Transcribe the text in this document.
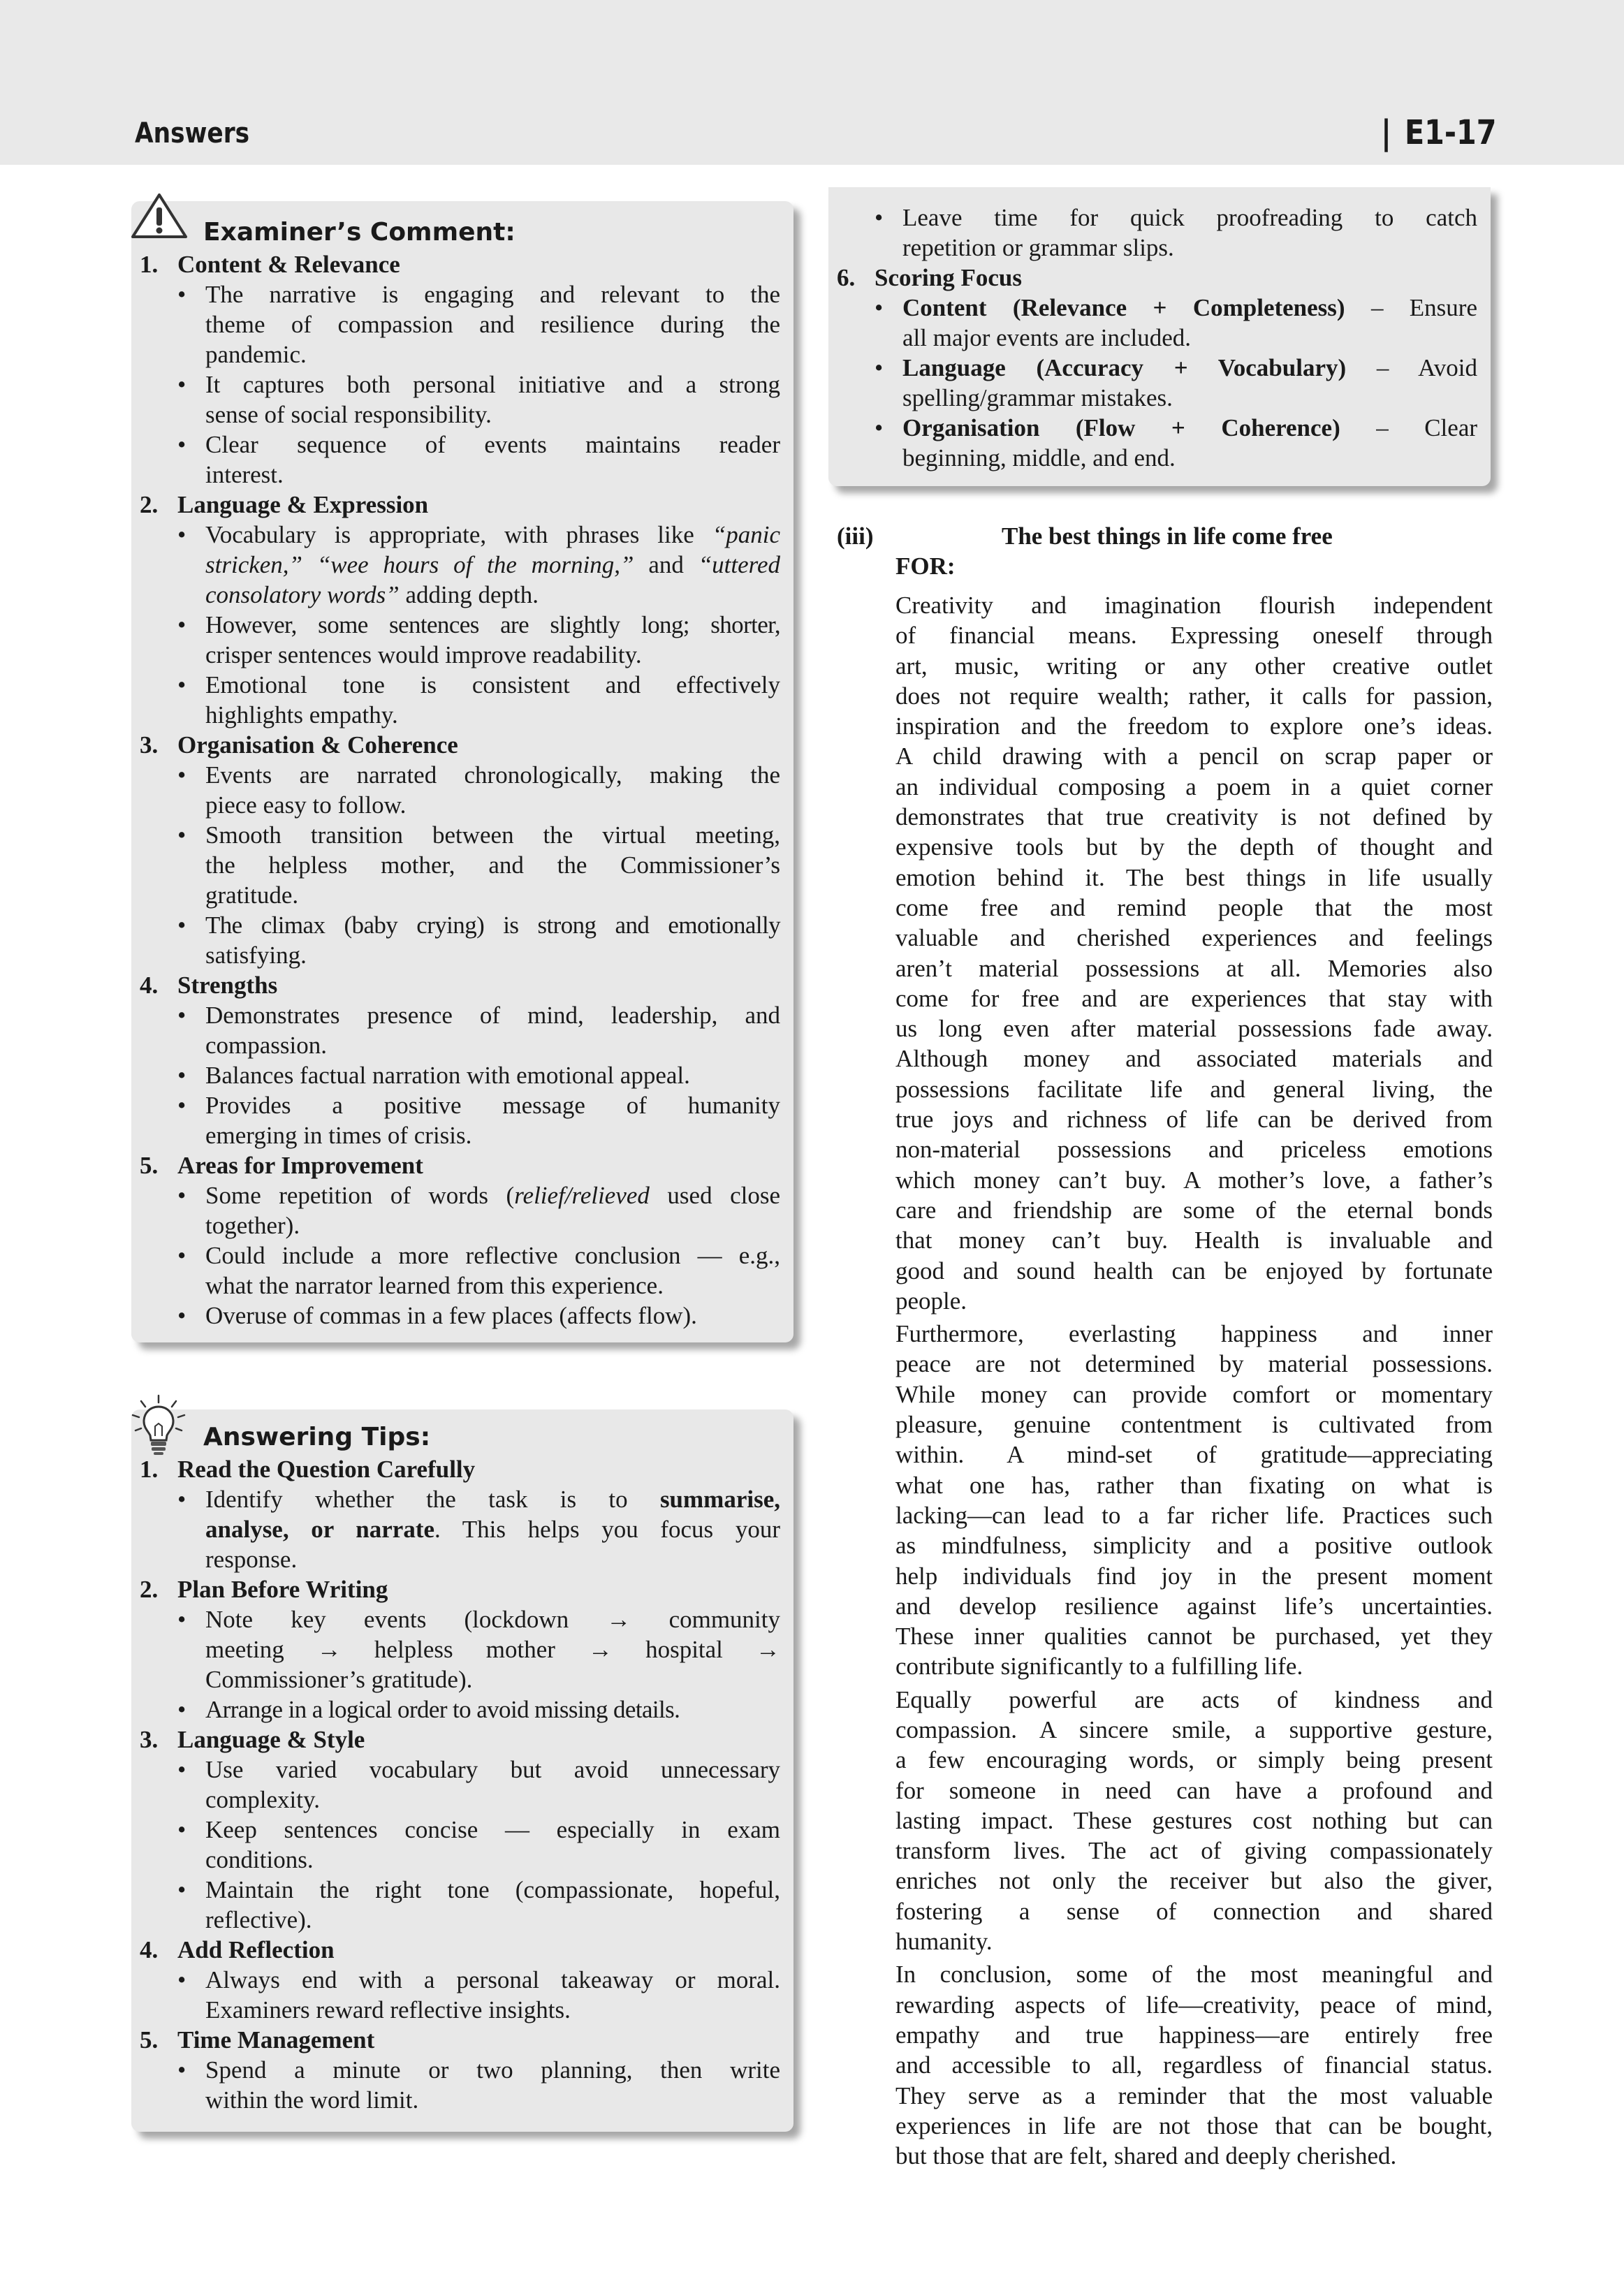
Answers	| E1-17
Examiner’s Comment:
1. Content & Relevance
• The narrative is engaging and relevant to the
theme of compassion and resilience during the
pandemic.
• It captures both personal initiative and a strong
sense of social responsibility.
• Clear sequence of events maintains reader
interest.
2. Language & Expression
• Vocabulary is appropriate, with phrases like “panic
stricken,” “wee hours of the morning,” and “uttered
consolatory words” adding depth.
• However, some sentences are slightly long; shorter,
crisper sentences would improve readability.
• Emotional tone is consistent and effectively
highlights empathy.
3. Organisation & Coherence
• Events are narrated chronologically, making the
piece easy to follow.
• Smooth transition between the virtual meeting,
the helpless mother, and the Commissioner’s
gratitude.
• The climax (baby crying) is strong and emotionally
satisfying.
4. Strengths
• Demonstrates presence of mind, leadership, and
compassion.
• Balances factual narration with emotional appeal.
• Provides a positive message of humanity
emerging in times of crisis.
5. Areas for Improvement
• Some repetition of words (relief/relieved used close
together).
• Could include a more reflective conclusion — e.g.,
what the narrator learned from this experience.
• Overuse of commas in a few places (affects flow).
Answering Tips:
1. Read the Question Carefully
• Identify whether the task is to summarise,
analyse, or narrate. This helps you focus your
response.
2. Plan Before Writing
• Note key events (lockdown → community
meeting → helpless mother → hospital →
Commissioner’s gratitude).
• Arrange in a logical order to avoid missing details.
3. Language & Style
• Use varied vocabulary but avoid unnecessary
complexity.
• Keep sentences concise — especially in exam
conditions.
• Maintain the right tone (compassionate, hopeful,
reflective).
4. Add Reflection
• Always end with a personal takeaway or moral.
Examiners reward reflective insights.
5. Time Management
• Spend a minute or two planning, then write
within the word limit.
• Leave time for quick proofreading to catch
repetition or grammar slips.
6. Scoring Focus
• Content (Relevance + Completeness) – Ensure
all major events are included.
• Language (Accuracy + Vocabulary) – Avoid
spelling/grammar mistakes.
• Organisation (Flow + Coherence) – Clear
beginning, middle, and end.
(iii)	The best things in life come free
FOR:
Creativity and imagination flourish independent
of financial means. Expressing oneself through
art, music, writing or any other creative outlet
does not require wealth; rather, it calls for passion,
inspiration and the freedom to explore one’s ideas.
A child drawing with a pencil on scrap paper or
an individual composing a poem in a quiet corner
demonstrates that true creativity is not defined by
expensive tools but by the depth of thought and
emotion behind it. The best things in life usually
come free and remind people that the most
valuable and cherished experiences and feelings
aren’t material possessions at all. Memories also
come for free and are experiences that stay with
us long even after material possessions fade away.
Although money and associated materials and
possessions facilitate life and general living, the
true joys and richness of life can be derived from
non-material possessions and priceless emotions
which money can’t buy. A mother’s love, a father’s
care and friendship are some of the eternal bonds
that money can’t buy. Health is invaluable and
good and sound health can be enjoyed by fortunate
people.
Furthermore, everlasting happiness and inner
peace are not determined by material possessions.
While money can provide comfort or momentary
pleasure, genuine contentment is cultivated from
within. A mind-set of gratitude—appreciating
what one has, rather than fixating on what is
lacking—can lead to a far richer life. Practices such
as mindfulness, simplicity and a positive outlook
help individuals find joy in the present moment
and develop resilience against life’s uncertainties.
These inner qualities cannot be purchased, yet they
contribute significantly to a fulfilling life.
Equally powerful are acts of kindness and
compassion. A sincere smile, a supportive gesture,
a few encouraging words, or simply being present
for someone in need can have a profound and
lasting impact. These gestures cost nothing but can
transform lives. The act of giving compassionately
enriches not only the receiver but also the giver,
fostering a sense of connection and shared
humanity.
In conclusion, some of the most meaningful and
rewarding aspects of life—creativity, peace of mind,
empathy and true happiness—are entirely free
and accessible to all, regardless of financial status.
They serve as a reminder that the most valuable
experiences in life are not those that can be bought,
but those that are felt, shared and deeply cherished.
